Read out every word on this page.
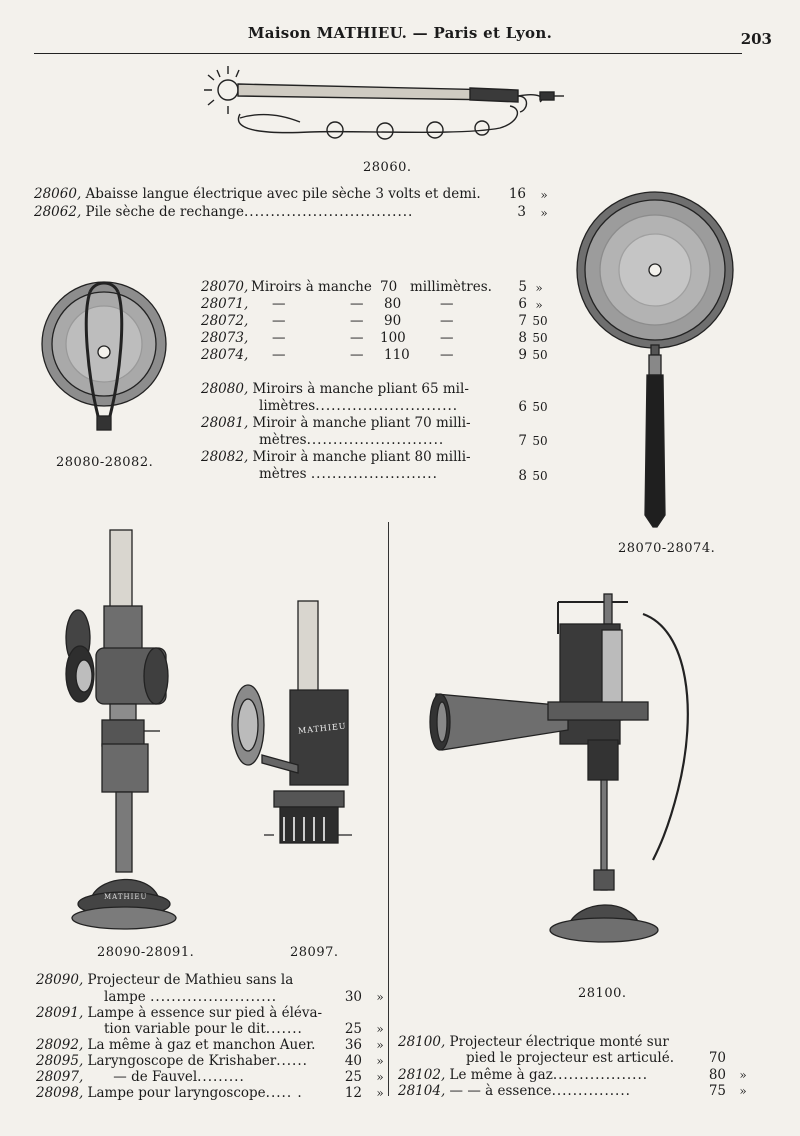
Maison MATHIEU. — Paris et Lyon.	203
28060.
28060, Abaisse langue électrique avec pile sèche 3 volts et demi.	16 »
28062, Pile sèche de rechange................................	3 »
28080-28082.
28070, Miroirs à manche 70 millimètres.	5 »
28071, —	— 80	—	6 »
28072, —	— 90	—	7 50
28073, —	— 100	—	8 50
28074, —	— 110 —	9 50
28080, Miroirs à manche pliant 65 mil-
limètres...........................	6 50
28081, Miroir à manche pliant 70 milli-
mètres..........................	7 50
28082, Miroir à manche pliant 80 milli-
mètres ........................	8 50
28070-28074.
MATHIEU
MATHIEU
28090-28091.	28097.
28100.
28090, Projecteur de Mathieu sans la
lampe ........................	30 »
28091, Lampe à essence sur pied à éléva-
tion variable pour le dit.......	25 »
28092, La même à gaz et manchon Auer.	36 »
28095, Laryngoscope de Krishaber......	40 »
28097, — de Fauvel.........	25 »
28098, Lampe pour laryngoscope..... .	12 »
28100, Projecteur électrique monté sur
pied le projecteur est articulé.	70
28102, Le même à gaz..................	80 »
28104, — — à essence...............	75 »
